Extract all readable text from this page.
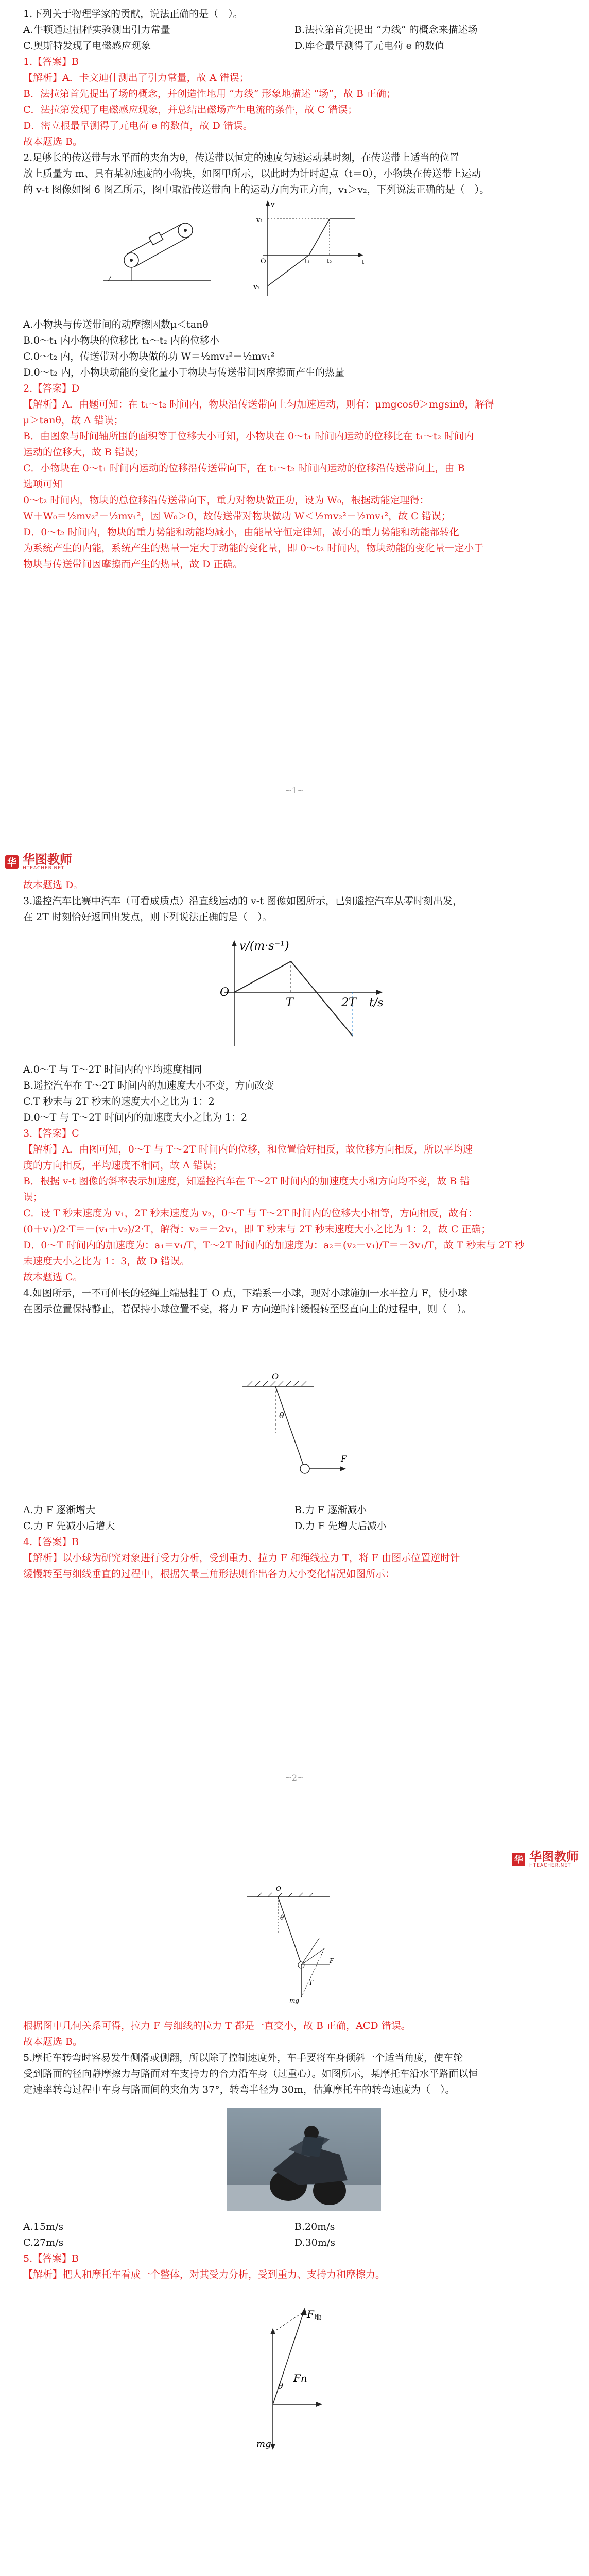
1.下列关于物理学家的贡献，说法正确的是（　）。
A.牛顿通过扭秤实验测出引力常量	B.法拉第首先提出 “力线” 的概念来描述场
C.奥斯特发现了电磁感应现象	D.库仑最早测得了元电荷 e 的数值
1.【答案】B
【解析】A．卡文迪什测出了引力常量，故 A 错误；
B．法拉第首先提出了场的概念，并创造性地用 “力线” 形象地描述 “场”，故 B 正确；
C．法拉第发现了电磁感应现象，并总结出磁场产生电流的条件，故 C 错误；
D．密立根最早测得了元电荷 e 的数值，故 D 错误。
故本题选 B。
2.足够长的传送带与水平面的夹角为θ，传送带以恒定的速度匀速运动某时刻，在传送带上适当的位置
放上质量为 m、具有某初速度的小物块，如图甲所示，以此时为计时起点（t＝0），小物块在传送带上运动
的 v-t 图像如图 6 图乙所示，图中取沿传送带向上的运动方向为正方向，v₁＞v₂，下列说法正确的是（　）。
v₁
-v₂
t₁ t₂
v
t
O
A.小物块与传送带间的动摩擦因数μ＜tanθ
B.0～t₁ 内小物块的位移比 t₁～t₂ 内的位移小
C.0～t₂ 内，传送带对小物块做的功 W＝½mv₂²－½mv₁²
D.0～t₂ 内，小物块动能的变化量小于物块与传送带间因摩擦而产生的热量
2.【答案】D
【解析】A．由题可知：在 t₁～t₂ 时间内，物块沿传送带向上匀加速运动，则有：μmgcosθ＞mgsinθ，解得
μ＞tanθ，故 A 错误；
B．由图象与时间轴所围的面积等于位移大小可知，小物块在 0～t₁ 时间内运动的位移比在 t₁～t₂ 时间内
运动的位移大，故 B 错误；
C．小物块在 0～t₁ 时间内运动的位移沿传送带向下，在 t₁～t₂ 时间内运动的位移沿传送带向上，由 B
选项可知
0～t₂ 时间内，物块的总位移沿传送带向下，重力对物块做正功，设为 W₀，根据动能定理得：
W＋W₀＝½mv₂²－½mv₁²，因 W₀＞0，故传送带对物块做功 W＜½mv₂²－½mv₁²，故 C 错误；
D．0～t₂ 时间内，物块的重力势能和动能均减小，由能量守恒定律知，减小的重力势能和动能都转化
为系统产生的内能，系统产生的热量一定大于动能的变化量，即 0～t₂ 时间内，物块动能的变化量一定小于
物块与传送带间因摩擦而产生的热量，故 D 正确。
~1~
华 华图教师
HTEACHER.NET
故本题选 D。
3.遥控汽车比赛中汽车（可看成质点）沿直线运动的 v-t 图像如图所示，已知遥控汽车从零时刻出发，
在 2T 时刻恰好返回出发点，则下列说法正确的是（　）。
v/(m·s⁻¹)
O
T	2T t/s
A.0～T 与 T～2T 时间内的平均速度相同
B.遥控汽车在 T～2T 时间内的加速度大小不变，方向改变
C.T 秒末与 2T 秒末的速度大小之比为 1：2
D.0～T 与 T～2T 时间内的加速度大小之比为 1：2
3.【答案】C
【解析】A．由图可知，0～T 与 T～2T 时间内的位移，和位置恰好相反，故位移方向相反，所以平均速
度的方向相反，平均速度不相同，故 A 错误；
B．根据 v-t 图像的斜率表示加速度，知遥控汽车在 T～2T 时间内的加速度大小和方向均不变，故 B 错
误；
C．设 T 秒末速度为 v₁，2T 秒末速度为 v₂，0～T 与 T～2T 时间内的位移大小相等，方向相反，故有：
(0＋v₁)/2·T＝－(v₁＋v₂)/2·T，解得：v₂＝－2v₁，即 T 秒末与 2T 秒末速度大小之比为 1：2，故 C 正确；
D．0～T 时间内的加速度为：a₁＝v₁/T，T～2T 时间内的加速度为：a₂＝(v₂－v₁)/T＝－3v₁/T，故 T 秒末与 2T 秒
末速度大小之比为 1：3，故 D 错误。
故本题选 C。
4.如图所示，一不可伸长的轻绳上端悬挂于 O 点，下端系一小球，现对小球施加一水平拉力 F，使小球
在图示位置保持静止，若保持小球位置不变，将力 F 方向逆时针缓慢转至竖直向上的过程中，则（　）。
O
θ
F
A.力 F 逐渐增大	B.力 F 逐渐减小
C.力 F 先减小后增大	D.力 F 先增大后减小
4.【答案】B
【解析】以小球为研究对象进行受力分析，受到重力、拉力 F 和绳线拉力 T，将 F 由图示位置逆时针
缓慢转至与细线垂直的过程中，根据矢量三角形法则作出各力大小变化情况如图所示：
~2~
华 华图教师
HTEACHER.NET
O
θ
F
mg
T
根据图中几何关系可得，拉力 F 与细线的拉力 T 都是一直变小，故 B 正确，ACD 错误。
故本题选 B。
5.摩托车转弯时容易发生侧滑或侧翻，所以除了控制速度外，车手要将车身倾斜一个适当角度，使车轮
受到路面的径向静摩擦力与路面对车支持力的合力沿车身（过重心）。如图所示，某摩托车沿水平路面以恒
定速率转弯过程中车身与路面间的夹角为 37°，转弯半径为 30m，估算摩托车的转弯速度为（　）。
A.15m/s	B.20m/s
C.27m/s	D.30m/s
5.【答案】B
【解析】把人和摩托车看成一个整体，对其受力分析，受到重力、支持力和摩擦力。
F 地
Fn
mg
θ
